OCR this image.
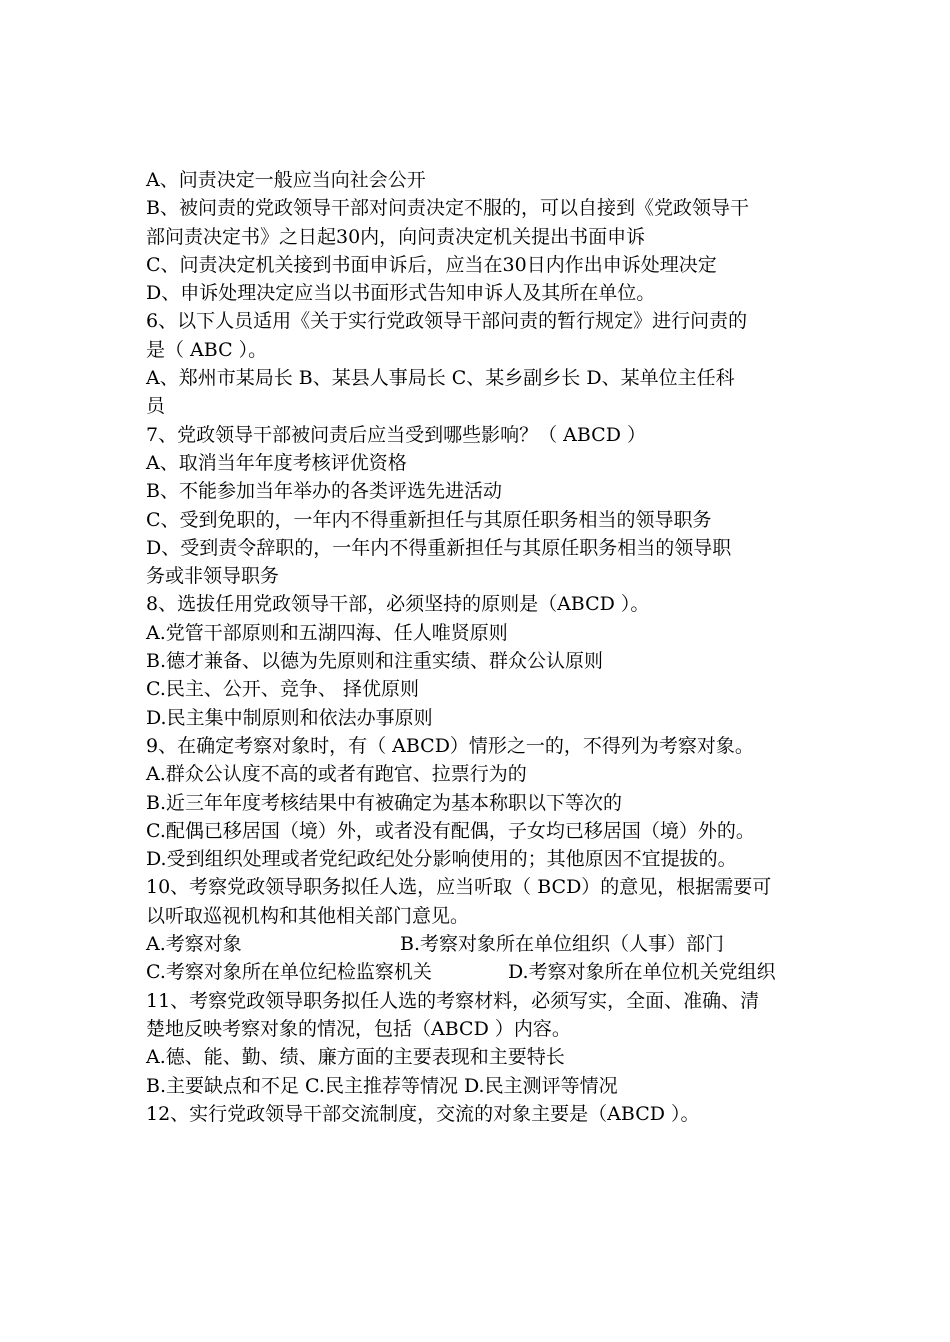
A、问责决定一般应当向社会公开
B、被问责的党政领导干部对问责决定不服的，可以自接到《党政领导干
部问责决定书》之日起30内，向问责决定机关提出书面申诉
C、问责决定机关接到书面申诉后，应当在30日内作出申诉处理决定
D、申诉处理决定应当以书面形式告知申诉人及其所在单位。
6、以下人员适用《关于实行党政领导干部问责的暂行规定》进行问责的
是（ ABC ）。
A、郑州市某局长 B、某县人事局长 C、某乡副乡长 D、某单位主任科
员
7、党政领导干部被问责后应当受到哪些影响？（ ABCD ）
A、取消当年年度考核评优资格
B、不能参加当年举办的各类评选先进活动
C、受到免职的，一年内不得重新担任与其原任职务相当的领导职务
D、受到责令辞职的，一年内不得重新担任与其原任职务相当的领导职
务或非领导职务
8、选拔任用党政领导干部，必须坚持的原则是（ABCD ）。
A.党管干部原则和五湖四海、任人唯贤原则
B.德才兼备、以德为先原则和注重实绩、群众公认原则
C.民主、公开、竞争、 择优原则
D.民主集中制原则和依法办事原则
9、在确定考察对象时，有（ ABCD）情形之一的，不得列为考察对象。
A.群众公认度不高的或者有跑官、拉票行为的
B.近三年年度考核结果中有被确定为基本称职以下等次的
C.配偶已移居国（境）外，或者没有配偶，子女均已移居国（境）外的。
D.受到组织处理或者党纪政纪处分影响使用的；其他原因不宜提拔的。
10、考察党政领导职务拟任人选，应当听取（ BCD）的意见，根据需要可
以听取巡视机构和其他相关部门意见。
A.考察对象	B.考察对象所在单位组织（人事）部门
C.考察对象所在单位纪检监察机关	D.考察对象所在单位机关党组织
11、考察党政领导职务拟任人选的考察材料，必须写实，全面、准确、清
楚地反映考察对象的情况，包括（ABCD ）内容。
A.德、能、勤、绩、廉方面的主要表现和主要特长
B.主要缺点和不足 C.民主推荐等情况 D.民主测评等情况
12、实行党政领导干部交流制度，交流的对象主要是（ABCD ）。
